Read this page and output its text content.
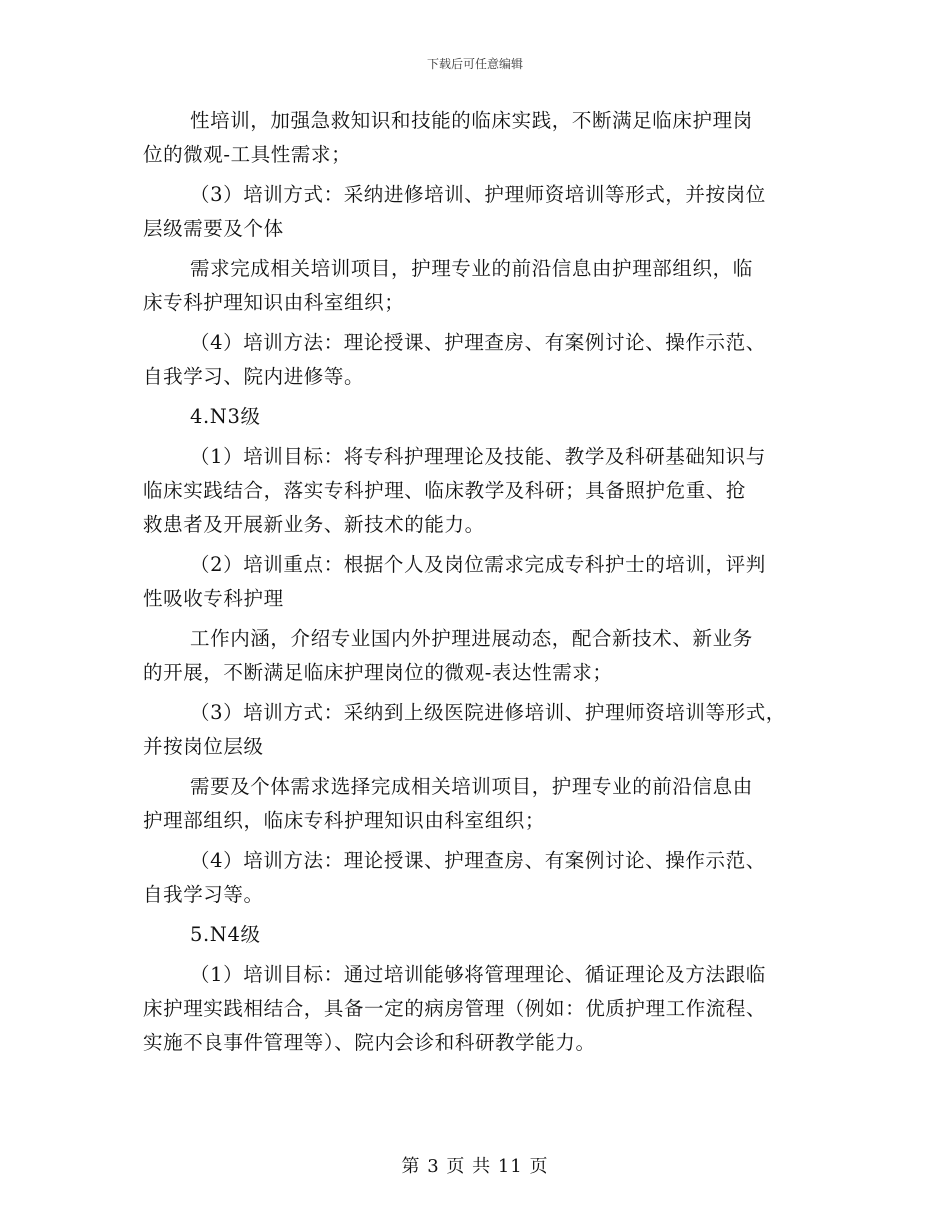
下载后可任意编辑
性培训，加强急救知识和技能的临床实践，不断满足临床护理岗
位的微观-工具性需求；
（3）培训方式：采纳进修培训、护理师资培训等形式，并按岗位
层级需要及个体
需求完成相关培训项目，护理专业的前沿信息由护理部组织，临
床专科护理知识由科室组织；
（4）培训方法：理论授课、护理查房、有案例讨论、操作示范、
自我学习、院内进修等。
4.N3级
（1）培训目标：将专科护理理论及技能、教学及科研基础知识与
临床实践结合，落实专科护理、临床教学及科研；具备照护危重、抢
救患者及开展新业务、新技术的能力。
（2）培训重点：根据个人及岗位需求完成专科护士的培训，评判
性吸收专科护理
工作内涵，介绍专业国内外护理进展动态，配合新技术、新业务
的开展，不断满足临床护理岗位的微观-表达性需求；
（3）培训方式：采纳到上级医院进修培训、护理师资培训等形式，
并按岗位层级
需要及个体需求选择完成相关培训项目，护理专业的前沿信息由
护理部组织，临床专科护理知识由科室组织；
（4）培训方法：理论授课、护理查房、有案例讨论、操作示范、
自我学习等。
5.N4级
（1）培训目标：通过培训能够将管理理论、循证理论及方法跟临
床护理实践相结合，具备一定的病房管理（例如：优质护理工作流程、
实施不良事件管理等）、院内会诊和科研教学能力。
第 3 页 共 11 页
